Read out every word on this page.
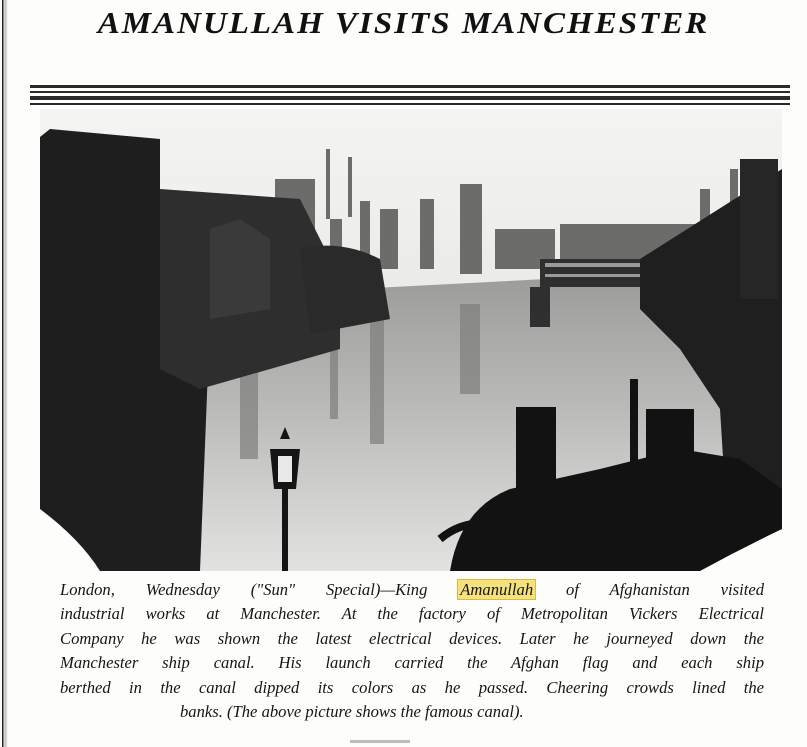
AMANULLAH VISITS MANCHESTER
London, Wednesday ("Sun" Special)—King Amanullah of Afghanistan visited
industrial works at Manchester. At the factory of Metropolitan Vickers Electrical
Company he was shown the latest electrical devices. Later he journeyed down the
Manchester ship canal. His launch carried the Afghan flag and each ship
berthed in the canal dipped its colors as he passed. Cheering crowds lined the
banks. (The above picture shows the famous canal).
